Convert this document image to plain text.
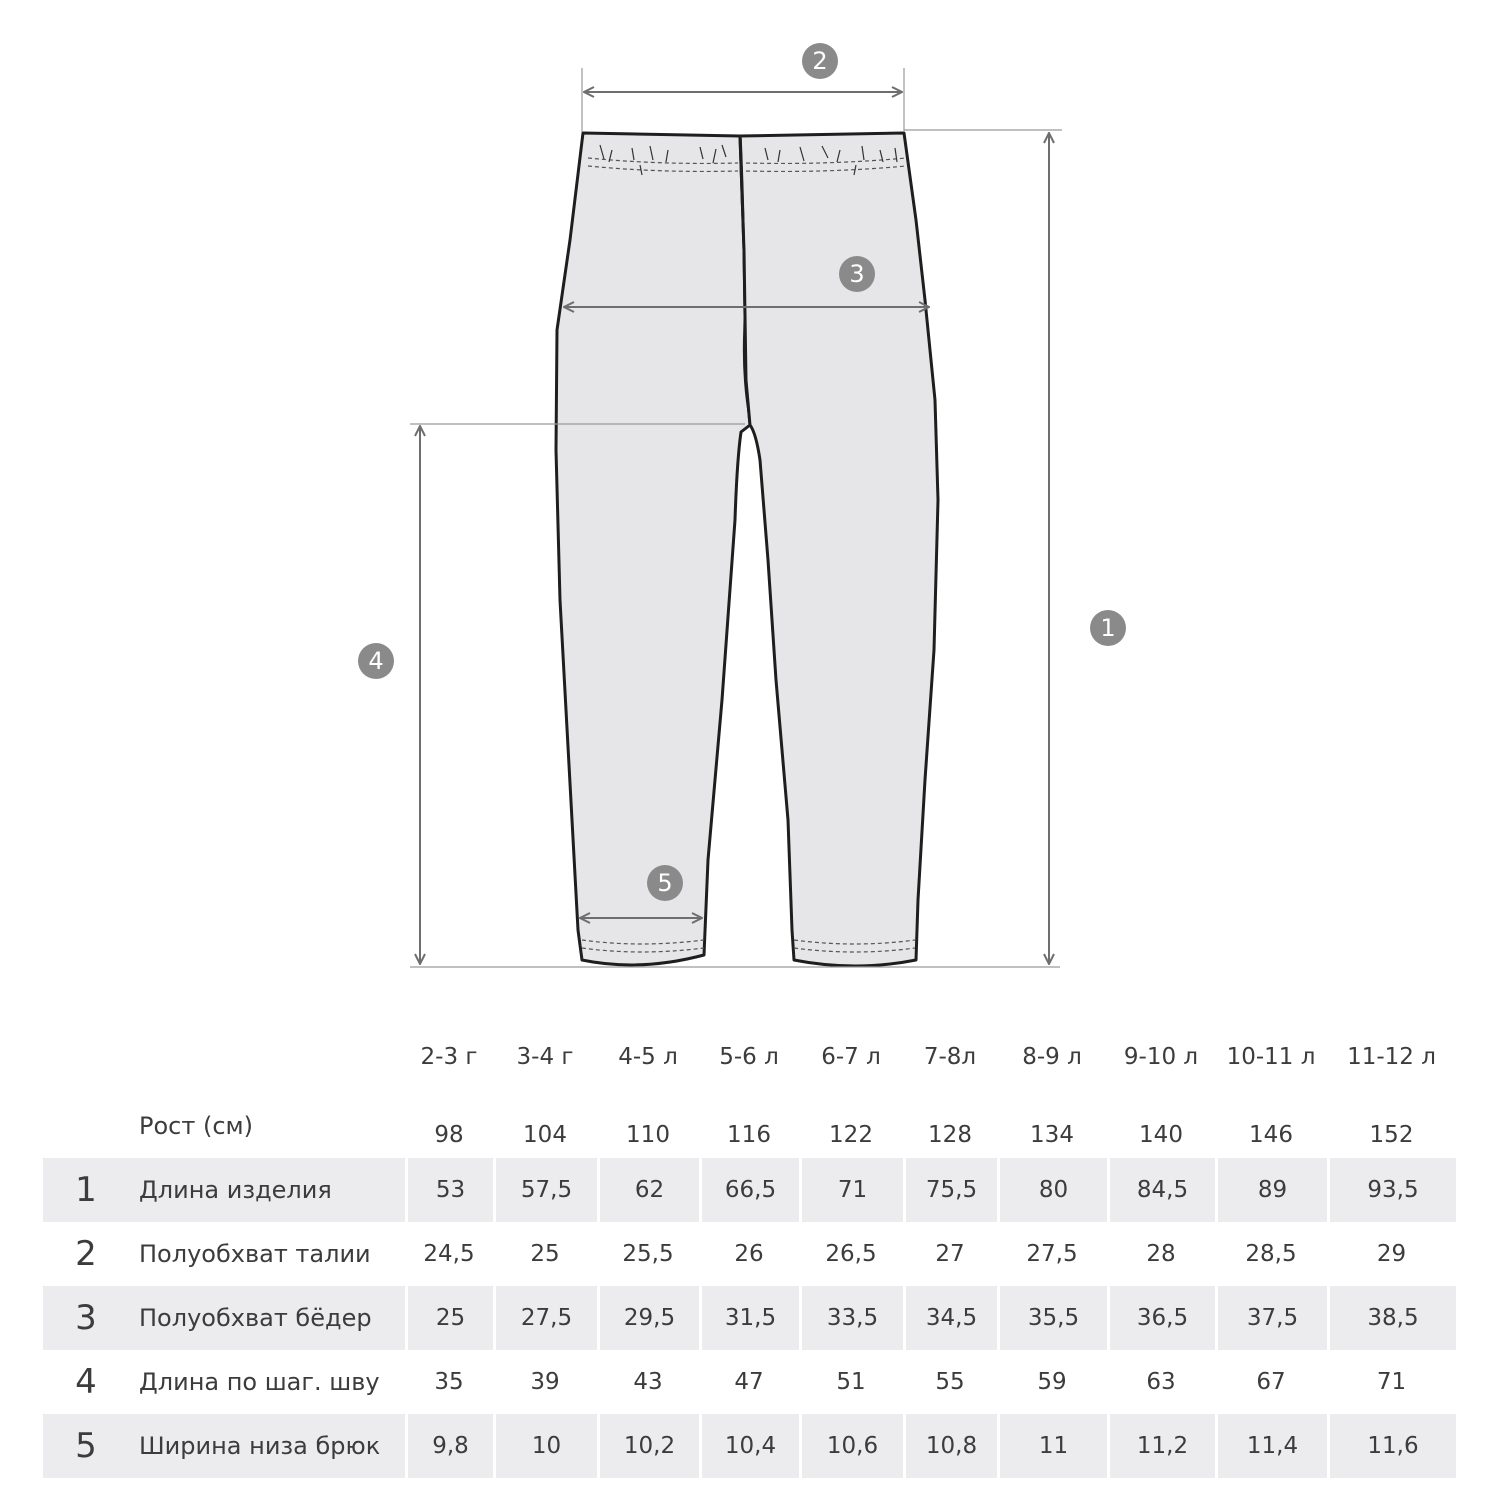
1
2
3
4
5
		2-3 г	3-4 г	4-5 л	5-6 л	6-7 л	7-8л	8-9 л	9-10 л	10-11 л	11-12 л
	Рост (см)	98	104	110	116	122	128	134	140	146	152
1	Длина изделия	53	57,5	62	66,5	71	75,5	80	84,5	89	93,5
2	Полуобхват талии	24,5	25	25,5	26	26,5	27	27,5	28	28,5	29
3	Полуобхват бёдер	25	27,5	29,5	31,5	33,5	34,5	35,5	36,5	37,5	38,5
4	Длина по шаг. шву	35	39	43	47	51	55	59	63	67	71
5	Ширина низа брюк	9,8	10	10,2	10,4	10,6	10,8	11	11,2	11,4	11,6
